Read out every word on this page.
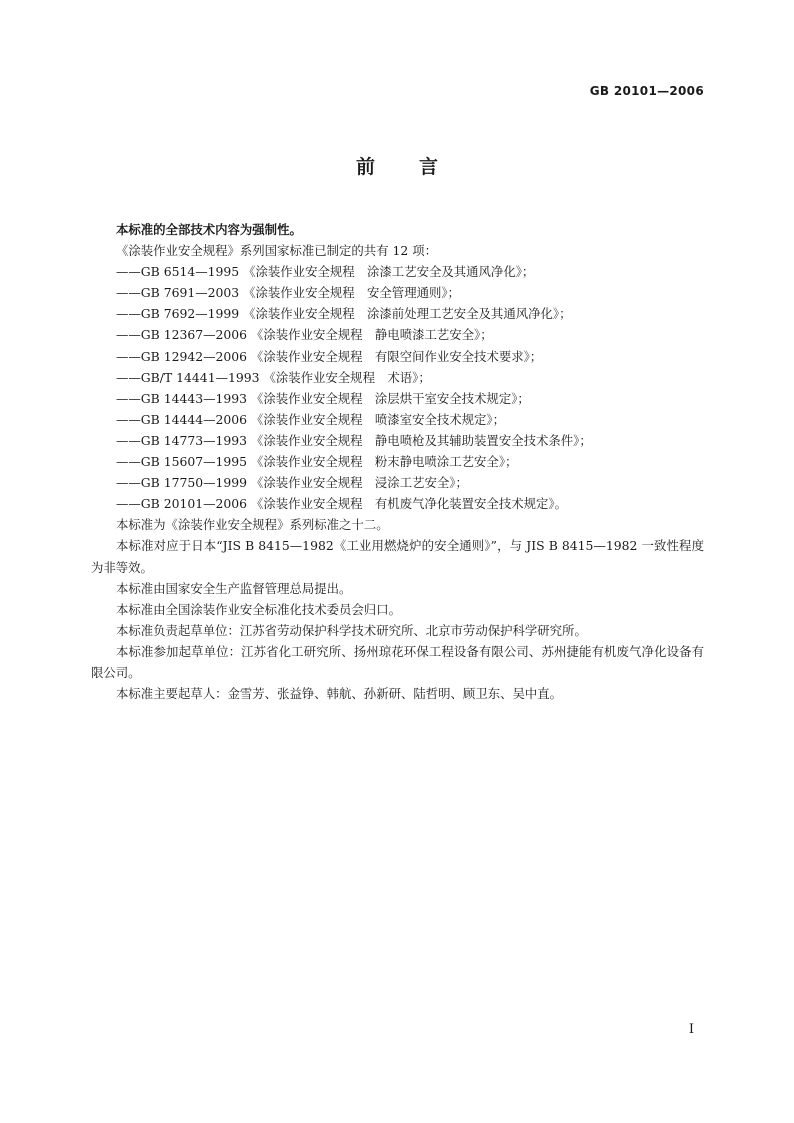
GB 20101—2006
前言

本标准的全部技术内容为强制性。

《涂装作业安全规程》系列国家标准已制定的共有 12 项：

——GB 6514—1995 《涂装作业安全规程　涂漆工艺安全及其通风净化》；

——GB 7691—2003 《涂装作业安全规程　安全管理通则》；

——GB 7692—1999 《涂装作业安全规程　涂漆前处理工艺安全及其通风净化》；

——GB 12367—2006 《涂装作业安全规程　静电喷漆工艺安全》；

——GB 12942—2006 《涂装作业安全规程　有限空间作业安全技术要求》；

——GB/T 14441—1993 《涂装作业安全规程　术语》；

——GB 14443—1993 《涂装作业安全规程　涂层烘干室安全技术规定》；

——GB 14444—2006 《涂装作业安全规程　喷漆室安全技术规定》；

——GB 14773—1993 《涂装作业安全规程　静电喷枪及其辅助装置安全技术条件》；

——GB 15607—1995 《涂装作业安全规程　粉末静电喷涂工艺安全》；

——GB 17750—1999 《涂装作业安全规程　浸涂工艺安全》；

——GB 20101—2006 《涂装作业安全规程　有机废气净化装置安全技术规定》。

本标准为《涂装作业安全规程》系列标准之十二。

本标准对应于日本“JIS B 8415—1982《工业用燃烧炉的安全通则》”，与 JIS B 8415—1982 一致性程度为非等效。

本标准由国家安全生产监督管理总局提出。

本标准由全国涂装作业安全标准化技术委员会归口。

本标准负责起草单位：江苏省劳动保护科学技术研究所、北京市劳动保护科学研究所。

本标准参加起草单位：江苏省化工研究所、扬州琼花环保工程设备有限公司、苏州捷能有机废气净化设备有限公司。

本标准主要起草人：金雪芳、张益铮、韩航、孙新研、陆哲明、顾卫东、吴中直。

I
